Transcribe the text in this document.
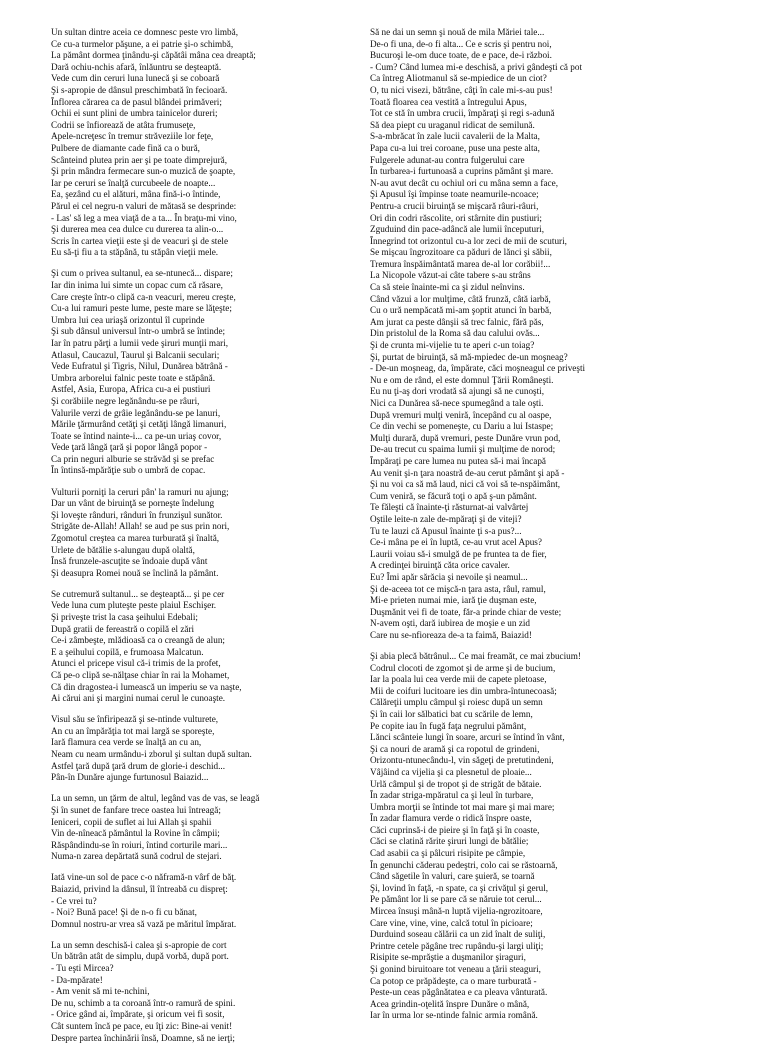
Un sultan dintre aceia ce domnesc peste vro limbă,
Ce cu-a turmelor păşune, a ei patrie şi-o schimbă,
La pământ dormea ţinându-şi căpătâi mâna cea dreaptă;
Dară ochiu-nchis afară, înlăuntru se deşteaptă.
Vede cum din ceruri luna lunecă şi se coboară
Şi s-apropie de dânsul preschimbată în fecioară.
Înflorea cărarea ca de pasul blândei primăveri;
Ochii ei sunt plini de umbra tainicelor dureri;
Codrii se înfiorează de atâta frumuseţe,
Apele-ncreţesc în tremur străveziile lor feţe,
Pulbere de diamante cade fină ca o bură,
Scânteind plutea prin aer şi pe toate dimprejură,
Şi prin mândra fermecare sun-o muzică de şoapte,
Iar pe ceruri se înalţă curcubeele de noapte...
Ea, şezând cu el alături, mâna fină-i-o întinde,
Părul ei cel negru-n valuri de mătasă se desprinde:
- Las' să leg a mea viaţă de a ta... În braţu-mi vino,
Şi durerea mea cea dulce cu durerea ta alin-o...
Scris în cartea vieţii este şi de veacuri şi de stele
Eu să-ţi fiu a ta stăpână, tu stăpân vieţii mele.
Şi cum o privea sultanul, ea se-ntunecă... dispare;
Iar din inima lui simte un copac cum că răsare,
Care creşte într-o clipă ca-n veacuri, mereu creşte,
Cu-a lui ramuri peste lume, peste mare se lăţeşte;
Umbra lui cea uriaşă orizontul îl cuprinde
Şi sub dânsul universul într-o umbră se întinde;
Iar în patru părţi a lumii vede şiruri munţii mari,
Atlasul, Caucazul, Taurul şi Balcanii seculari;
Vede Eufratul şi Tigris, Nilul, Dunărea bătrână -
Umbra arborelui falnic peste toate e stăpână.
Astfel, Asia, Europa, Africa cu-a ei pustiuri
Şi corăbiile negre legănându-se pe râuri,
Valurile verzi de grâie legănându-se pe lanuri,
Mările ţărmurând cetăţi şi cetăţi lângă limanuri,
Toate se întind nainte-i... ca pe-un uriaş covor,
Vede ţară lângă ţară şi popor lângă popor -
Ca prin neguri alburie se străvăd şi se prefac
În întinsă-mpărăţie sub o umbră de copac.
Vulturii porniţi la ceruri pân' la ramuri nu ajung;
Dar un vânt de biruinţă se porneşte îndelung
Şi loveşte rânduri, rânduri în frunzişul sunător.
Strigăte de-Allah! Allah! se aud pe sus prin nori,
Zgomotul creştea ca marea turburată şi înaltă,
Urlete de bătălie s-alungau după olaltă,
Însă frunzele-ascuţite se îndoaie după vânt
Şi deasupra Romei nouă se înclină la pământ.
Se cutremură sultanul... se deşteaptă... şi pe cer
Vede luna cum pluteşte peste plaiul Eschişer.
Şi priveşte trist la casa şeihului Edebali;
După gratii de fereastră o copilă el zări
Ce-i zâmbeşte, mlădioasă ca o creangă de alun;
E a şeihului copilă, e frumoasa Malcatun.
Atunci el pricepe visul că-i trimis de la profet,
Că pe-o clipă se-nălţase chiar în rai la Mohamet,
Că din dragostea-i lumească un imperiu se va naşte,
Ai cărui ani şi margini numai cerul le cunoaşte.
Visul său se înfiripează şi se-ntinde vulturete,
An cu an împărăţia tot mai largă se sporeşte,
Iară flamura cea verde se înalţă an cu an,
Neam cu neam urmându-i zborul şi sultan după sultan.
Astfel ţară după ţară drum de glorie-i deschid...
Pân-în Dunăre ajunge furtunosul Baiazid...
La un semn, un ţărm de altul, legând vas de vas, se leagă
Şi în sunet de fanfare trece oastea lui întreagă;
Ieniceri, copii de suflet ai lui Allah şi spahii
Vin de-nîneacă pământul la Rovine în câmpii;
Răspândindu-se în roiuri, întind corturile mari...
Numa-n zarea depărtată sună codrul de stejari.
Iată vine-un sol de pace c-o năframă-n vârf de băţ.
Baiazid, privind la dânsul, îl întreabă cu dispreţ:
- Ce vrei tu?
- Noi? Bună pace! Şi de n-o fi cu bănat,
Domnul nostru-ar vrea să vază pe măritul împărat.
La un semn deschisă-i calea şi s-apropie de cort
Un bătrân atât de simplu, după vorbă, după port.
- Tu eşti Mircea?
- Da-mpărate!
- Am venit să mi te-nchini,
De nu, schimb a ta coroană într-o ramură de spini.
- Orice gând ai, împărate, şi oricum vei fi sosit,
Cât suntem încă pe pace, eu îţi zic: Bine-ai venit!
Despre partea închinării însă, Doamne, să ne ierţi;
Să ne dai un semn şi nouă de mila Măriei tale...
De-o fi una, de-o fi alta... Ce e scris şi pentru noi,
Bucuroşi le-om duce toate, de e pace, de-i război.
- Cum? Când lumea mi-e deschisă, a privi gândeşti că pot
Ca întreg Aliotmanul să se-mpiedice de un ciot?
O, tu nici visezi, bătrâne, câţi în cale mi-s-au pus!
Toată floarea cea vestită a întregului Apus,
Tot ce stă în umbra crucii, împăraţi şi regi s-adună
Să dea piept cu uraganul ridicat de semilună.
S-a-mbrăcat în zale lucii cavalerii de la Malta,
Papa cu-a lui trei coroane, puse una peste alta,
Fulgerele adunat-au contra fulgerului care
În turbarea-i furtunoasă a cuprins pământ şi mare.
N-au avut decât cu ochiul ori cu mâna semn a face,
Şi Apusul îşi împinse toate neamurile-ncoace;
Pentru-a crucii biruinţă se mişcară râuri-râuri,
Ori din codri răscolite, ori stârnite din pustiuri;
Zguduind din pace-adâncă ale lumii începuturi,
Înnegrind tot orizontul cu-a lor zeci de mii de scuturi,
Se mişcau îngrozitoare ca păduri de lănci şi săbii,
Tremura înspăimântată marea de-al lor corăbii!...
La Nicopole văzut-ai câte tabere s-au strâns
Ca să steie înainte-mi ca şi zidul neînvins.
Când văzui a lor mulţime, câtă frunză, câtă iarbă,
Cu o ură nempăcată mi-am şoptit atunci în barbă,
Am jurat ca peste dânşii să trec falnic, fără păs,
Din pristolul de la Roma să dau calului ovăs...
Şi de crunta mi-vijelie tu te aperi c-un toiag?
Şi, purtat de biruinţă, să mă-mpiedec de-un moşneag?
- De-un moşneag, da, împărate, căci moşneagul ce priveşti
Nu e om de rând, el este domnul Ţării Româneşti.
Eu nu ţi-aş dori vrodată să ajungi să ne cunoşti,
Nici ca Dunărea să-nece spumegând a tale oşti.
După vremuri mulţi veniră, începând cu al oaspe,
Ce din vechi se pomeneşte, cu Dariu a lui Istaspe;
Mulţi durară, după vremuri, peste Dunăre vrun pod,
De-au trecut cu spaima lumii şi mulţime de norod;
Împăraţi pe care lumea nu putea să-i mai încapă
Au venit şi-n ţara noastră de-au cerut pământ şi apă -
Şi nu voi ca să mă laud, nici că voi să te-nspăimânt,
Cum veniră, se făcură toţi o apă ş-un pământ.
Te făleşti că înainte-ţi răsturnat-ai valvârtej
Oştile leite-n zale de-mpăraţi şi de viteji?
Tu te lauzi că Apusul înainte ţi s-a pus?...
Ce-i mâna pe ei în luptă, ce-au vrut acel Apus?
Laurii voiau să-i smulgă de pe fruntea ta de fier,
A credinţei biruinţă căta orice cavaler.
Eu? Îmi apăr sărăcia şi nevoile şi neamul...
Şi de-aceea tot ce mişcă-n ţara asta, râul, ramul,
Mi-e prieten numai mie, iară ţie duşman este,
Duşmănit vei fi de toate, făr-a prinde chiar de veste;
N-avem oşti, dară iubirea de moşie e un zid
Care nu se-nfioreaza de-a ta faimă, Baiazid!
Şi abia plecă bătrânul... Ce mai freamăt, ce mai zbucium!
Codrul clocoti de zgomot şi de arme şi de bucium,
Iar la poala lui cea verde mii de capete pletoase,
Mii de coifuri lucitoare ies din umbra-întunecoasă;
Călăreţii umplu câmpul şi roiesc după un semn
Şi în caii lor sălbatici bat cu scările de lemn,
Pe copite iau în fugă faţa negrului pământ,
Lănci scânteie lungi în soare, arcuri se întind în vânt,
Şi ca nouri de aramă şi ca ropotul de grindeni,
Orizontu-ntunecându-l, vin săgeţi de pretutindeni,
Vâjâind ca vijelia şi ca plesnetul de ploaie...
Urlă câmpul şi de tropot şi de strigăt de bătaie.
În zadar striga-mpăratul ca şi leul în turbare,
Umbra morţii se întinde tot mai mare şi mai mare;
În zadar flamura verde o ridică înspre oaste,
Căci cuprinsă-i de pieire şi în faţă şi în coaste,
Căci se clatină rărite şiruri lungi de bătălie;
Cad asabii ca şi pâlcuri risipite pe câmpie,
În genunchi căderau pedeştri, colo cai se răstoarnă,
Când săgetile în valuri, care şuieră, se toarnă
Şi, lovind în faţă, -n spate, ca şi crivăţul şi gerul,
Pe pământ lor li se pare că se năruie tot cerul...
Mircea însuşi mână-n luptă vijelia-ngrozitoare,
Care vine, vine, vine, calcă totul în picioare;
Durduind soseau călării ca un zid înalt de suliţi,
Printre cetele păgâne trec rupându-şi largi uliţi;
Risipite se-mprăştie a duşmanilor şiraguri,
Şi gonind biruitoare tot veneau a ţării steaguri,
Ca potop ce prăpădeşte, ca o mare turburată -
Peste-un ceas păgânătatea e ca pleava vânturată.
Acea grindin-oţelită înspre Dunăre o mână,
Iar în urma lor se-ntinde falnic armia română.
